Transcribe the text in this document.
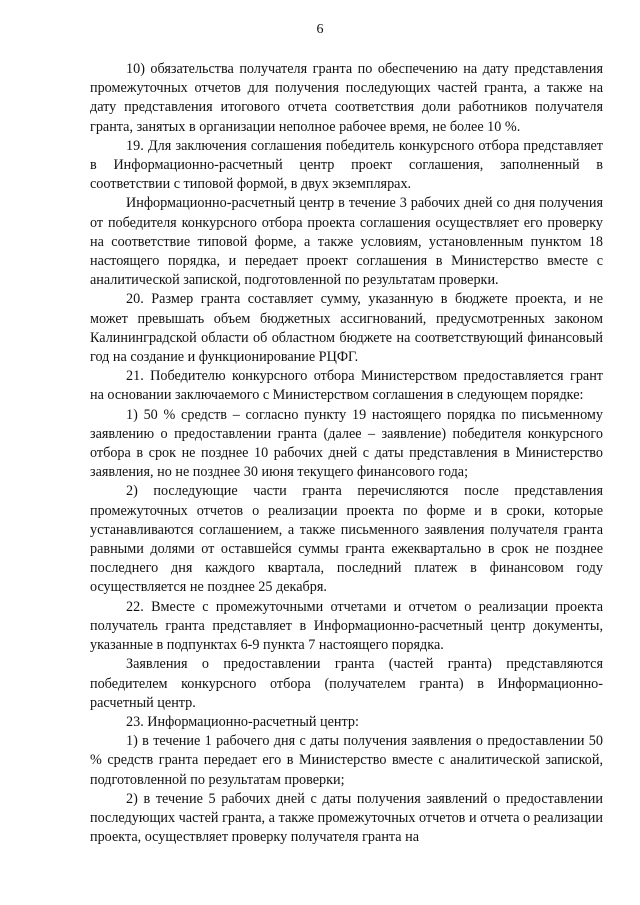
6

10) обязательства получателя гранта по обеспечению на дату представления промежуточных отчетов для получения последующих частей гранта, а также на дату представления итогового отчета соответствия доли работников получателя гранта, занятых в организации неполное рабочее время, не более 10 %.

19. Для заключения соглашения победитель конкурсного отбора представляет в Информационно-расчетный центр проект соглашения, заполненный в соответствии с типовой формой, в двух экземплярах.

Информационно-расчетный центр в течение 3 рабочих дней со дня получения от победителя конкурсного отбора проекта соглашения осуществляет его проверку на соответствие типовой форме, а также условиям, установленным пунктом 18 настоящего порядка, и передает проект соглашения в Министерство вместе с аналитической запиской, подготовленной по результатам проверки.

20. Размер гранта составляет сумму, указанную в бюджете проекта, и не может превышать объем бюджетных ассигнований, предусмотренных законом Калининградской области об областном бюджете на соответствующий финансовый год на создание и функционирование РЦФГ.

21. Победителю конкурсного отбора Министерством предоставляется грант на основании заключаемого с Министерством соглашения в следующем порядке:

1) 50 % средств – согласно пункту 19 настоящего порядка по письменному заявлению о предоставлении гранта (далее – заявление) победителя конкурсного отбора в срок не позднее 10 рабочих дней с даты представления в Министерство заявления, но не позднее 30 июня текущего финансового года;

2) последующие части гранта перечисляются после представления промежуточных отчетов о реализации проекта по форме и в сроки, которые устанавливаются соглашением, а также письменного заявления получателя гранта равными долями от оставшейся суммы гранта ежеквартально в срок не позднее последнего дня каждого квартала, последний платеж в финансовом году осуществляется не позднее 25 декабря.

22. Вместе с промежуточными отчетами и отчетом о реализации проекта получатель гранта представляет в Информационно-расчетный центр документы, указанные в подпунктах 6-9 пункта 7 настоящего порядка.

Заявления о предоставлении гранта (частей гранта) представляются победителем конкурсного отбора (получателем гранта) в Информационно-расчетный центр.

23. Информационно-расчетный центр:

1) в течение 1 рабочего дня с даты получения заявления о предоставлении 50 % средств гранта передает его в Министерство вместе с аналитической запиской, подготовленной по результатам проверки;

2) в течение 5 рабочих дней с даты получения заявлений о предоставлении последующих частей гранта, а также промежуточных отчетов и отчета о реализации проекта, осуществляет проверку получателя гранта на
